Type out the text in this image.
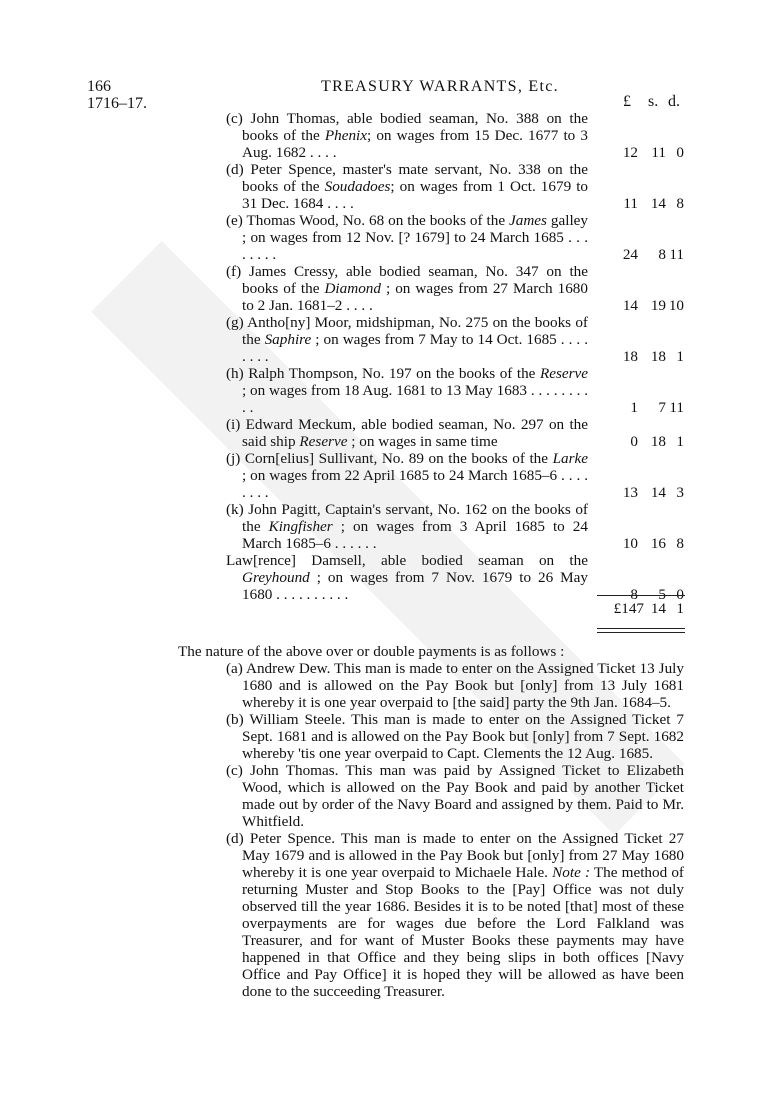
166
1716–17.
TREASURY WARRANTS, Etc.
£ s. d.
(c) John Thomas, able bodied seaman, No. 388 on the books of the Phenix; on wages from 15 Dec. 1677 to 3 Aug. 1682 . . . .	12 11 0
(d) Peter Spence, master's mate servant, No. 338 on the books of the Soudadoes; on wages from 1 Oct. 1679 to 31 Dec. 1684 . . . .	11 14 8
(e) Thomas Wood, No. 68 on the books of the James galley ; on wages from 12 Nov. [? 1679] to 24 March 1685 . . . . . . . .	24 8 11
(f) James Cressy, able bodied seaman, No. 347 on the books of the Diamond ; on wages from 27 March 1680 to 2 Jan. 1681–2 . . . .	14 19 10
(g) Antho[ny] Moor, midshipman, No. 275 on the books of the Saphire ; on wages from 7 May to 14 Oct. 1685 . . . . . . . .	18 18 1
(h) Ralph Thompson, No. 197 on the books of the Reserve ; on wages from 18 Aug. 1681 to 13 May 1683 . . . . . . . . . .	1 7 11
(i) Edward Meckum, able bodied seaman, No. 297 on the said ship Reserve ; on wages in same time	0 18 1
(j) Corn[elius] Sullivant, No. 89 on the books of the Larke ; on wages from 22 April 1685 to 24 March 1685–6 . . . . . . . .	13 14 3
(k) John Pagitt, Captain's servant, No. 162 on the books of the Kingfisher ; on wages from 3 April 1685 to 24 March 1685–6 . . . . . .	10 16 8
Law[rence] Damsell, able bodied seaman on the Greyhound ; on wages from 7 Nov. 1679 to 26 May 1680 . . . . . . . . . .	8 5 0
£147 14 1
The nature of the above over or double payments is as follows :
(a) Andrew Dew. This man is made to enter on the Assigned Ticket 13 July 1680 and is allowed on the Pay Book but [only] from 13 July 1681 whereby it is one year overpaid to [the said] party the 9th Jan. 1684–5.
(b) William Steele. This man is made to enter on the Assigned Ticket 7 Sept. 1681 and is allowed on the Pay Book but [only] from 7 Sept. 1682 whereby 'tis one year overpaid to Capt. Clements the 12 Aug. 1685.
(c) John Thomas. This man was paid by Assigned Ticket to Elizabeth Wood, which is allowed on the Pay Book and paid by another Ticket made out by order of the Navy Board and assigned by them. Paid to Mr. Whitfield.
(d) Peter Spence. This man is made to enter on the Assigned Ticket 27 May 1679 and is allowed in the Pay Book but [only] from 27 May 1680 whereby it is one year overpaid to Michaele Hale. Note : The method of returning Muster and Stop Books to the [Pay] Office was not duly observed till the year 1686. Besides it is to be noted [that] most of these overpayments are for wages due before the Lord Falkland was Treasurer, and for want of Muster Books these payments may have happened in that Office and they being slips in both offices [Navy Office and Pay Office] it is hoped they will be allowed as have been done to the succeeding Treasurer.
